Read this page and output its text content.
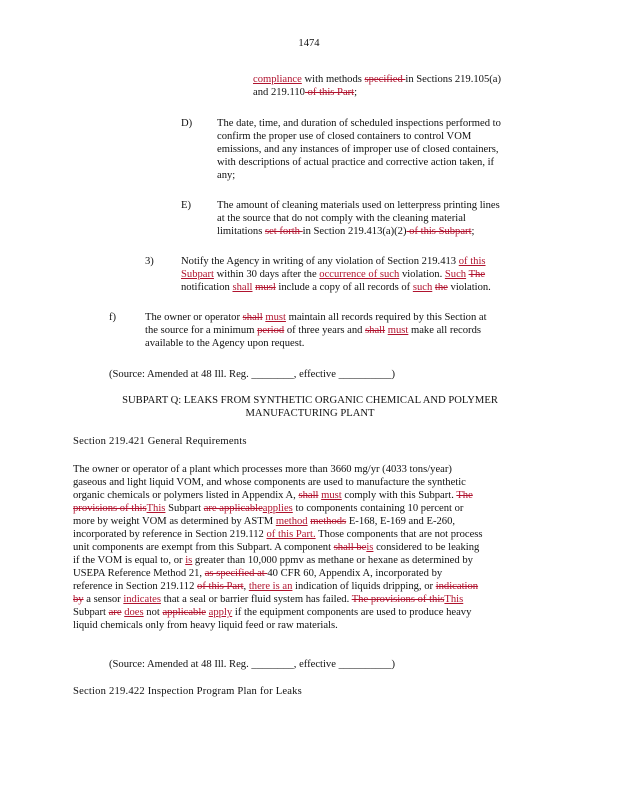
1474
compliance with methods specified in Sections 219.105(a)
and 219.110 of this Part;
D) The date, time, and duration of scheduled inspections performed to
confirm the proper use of closed containers to control VOM
emissions, and any instances of improper use of closed containers,
with descriptions of actual practice and corrective action taken, if
any;
E) The amount of cleaning materials used on letterpress printing lines
at the source that do not comply with the cleaning material
limitations set forth in Section 219.413(a)(2) of this Subpart;
3)	Notify the Agency in writing of any violation of Section 219.413 of this
Subpart within 30 days after the occurrence of such violation. Such The
notification shall musl include a copy of all records of such the violation.
f)	The owner or operator shall must maintain all records required by this Section at
the source for a minimum period of three years and shall must make all records
available to the Agency upon request.
(Source: Amended at 48 Ill. Reg. ________, effective __________)
SUBPART Q: LEAKS FROM SYNTHETIC ORGANIC CHEMICAL AND POLYMER
MANUFACTURING PLANT
Section 219.421 General Requirements
The owner or operator of a plant which processes more than 3660 mg/yr (4033 tons/year)
gaseous and light liquid VOM, and whose components are used to manufacture the synthetic
organic chemicals or polymers listed in Appendix A, shall must comply with this Subpart. The
provisions of thisThis Subpart are applicableapplies to components containing 10 percent or
more by weight VOM as determined by ASTM method methods E-168, E-169 and E-260,
incorporated by reference in Section 219.112 of this Part. Those components that are not process
unit components are exempt from this Subpart. A component shall beis considered to be leaking
if the VOM is equal to, or is greater than 10,000 ppmv as methane or hexane as determined by
USEPA Reference Method 21, as specified at 40 CFR 60, Appendix A, incorporated by
reference in Section 219.112 of this Part, there is an indication of liquids dripping, or indication
by a sensor indicates that a seal or barrier fluid system has failed. The provisions of thisThis
Subpart are does not applicable apply if the equipment components are used to produce heavy
liquid chemicals only from heavy liquid feed or raw materials.
(Source: Amended at 48 Ill. Reg. ________, effective __________)
Section 219.422 Inspection Program Plan for Leaks
